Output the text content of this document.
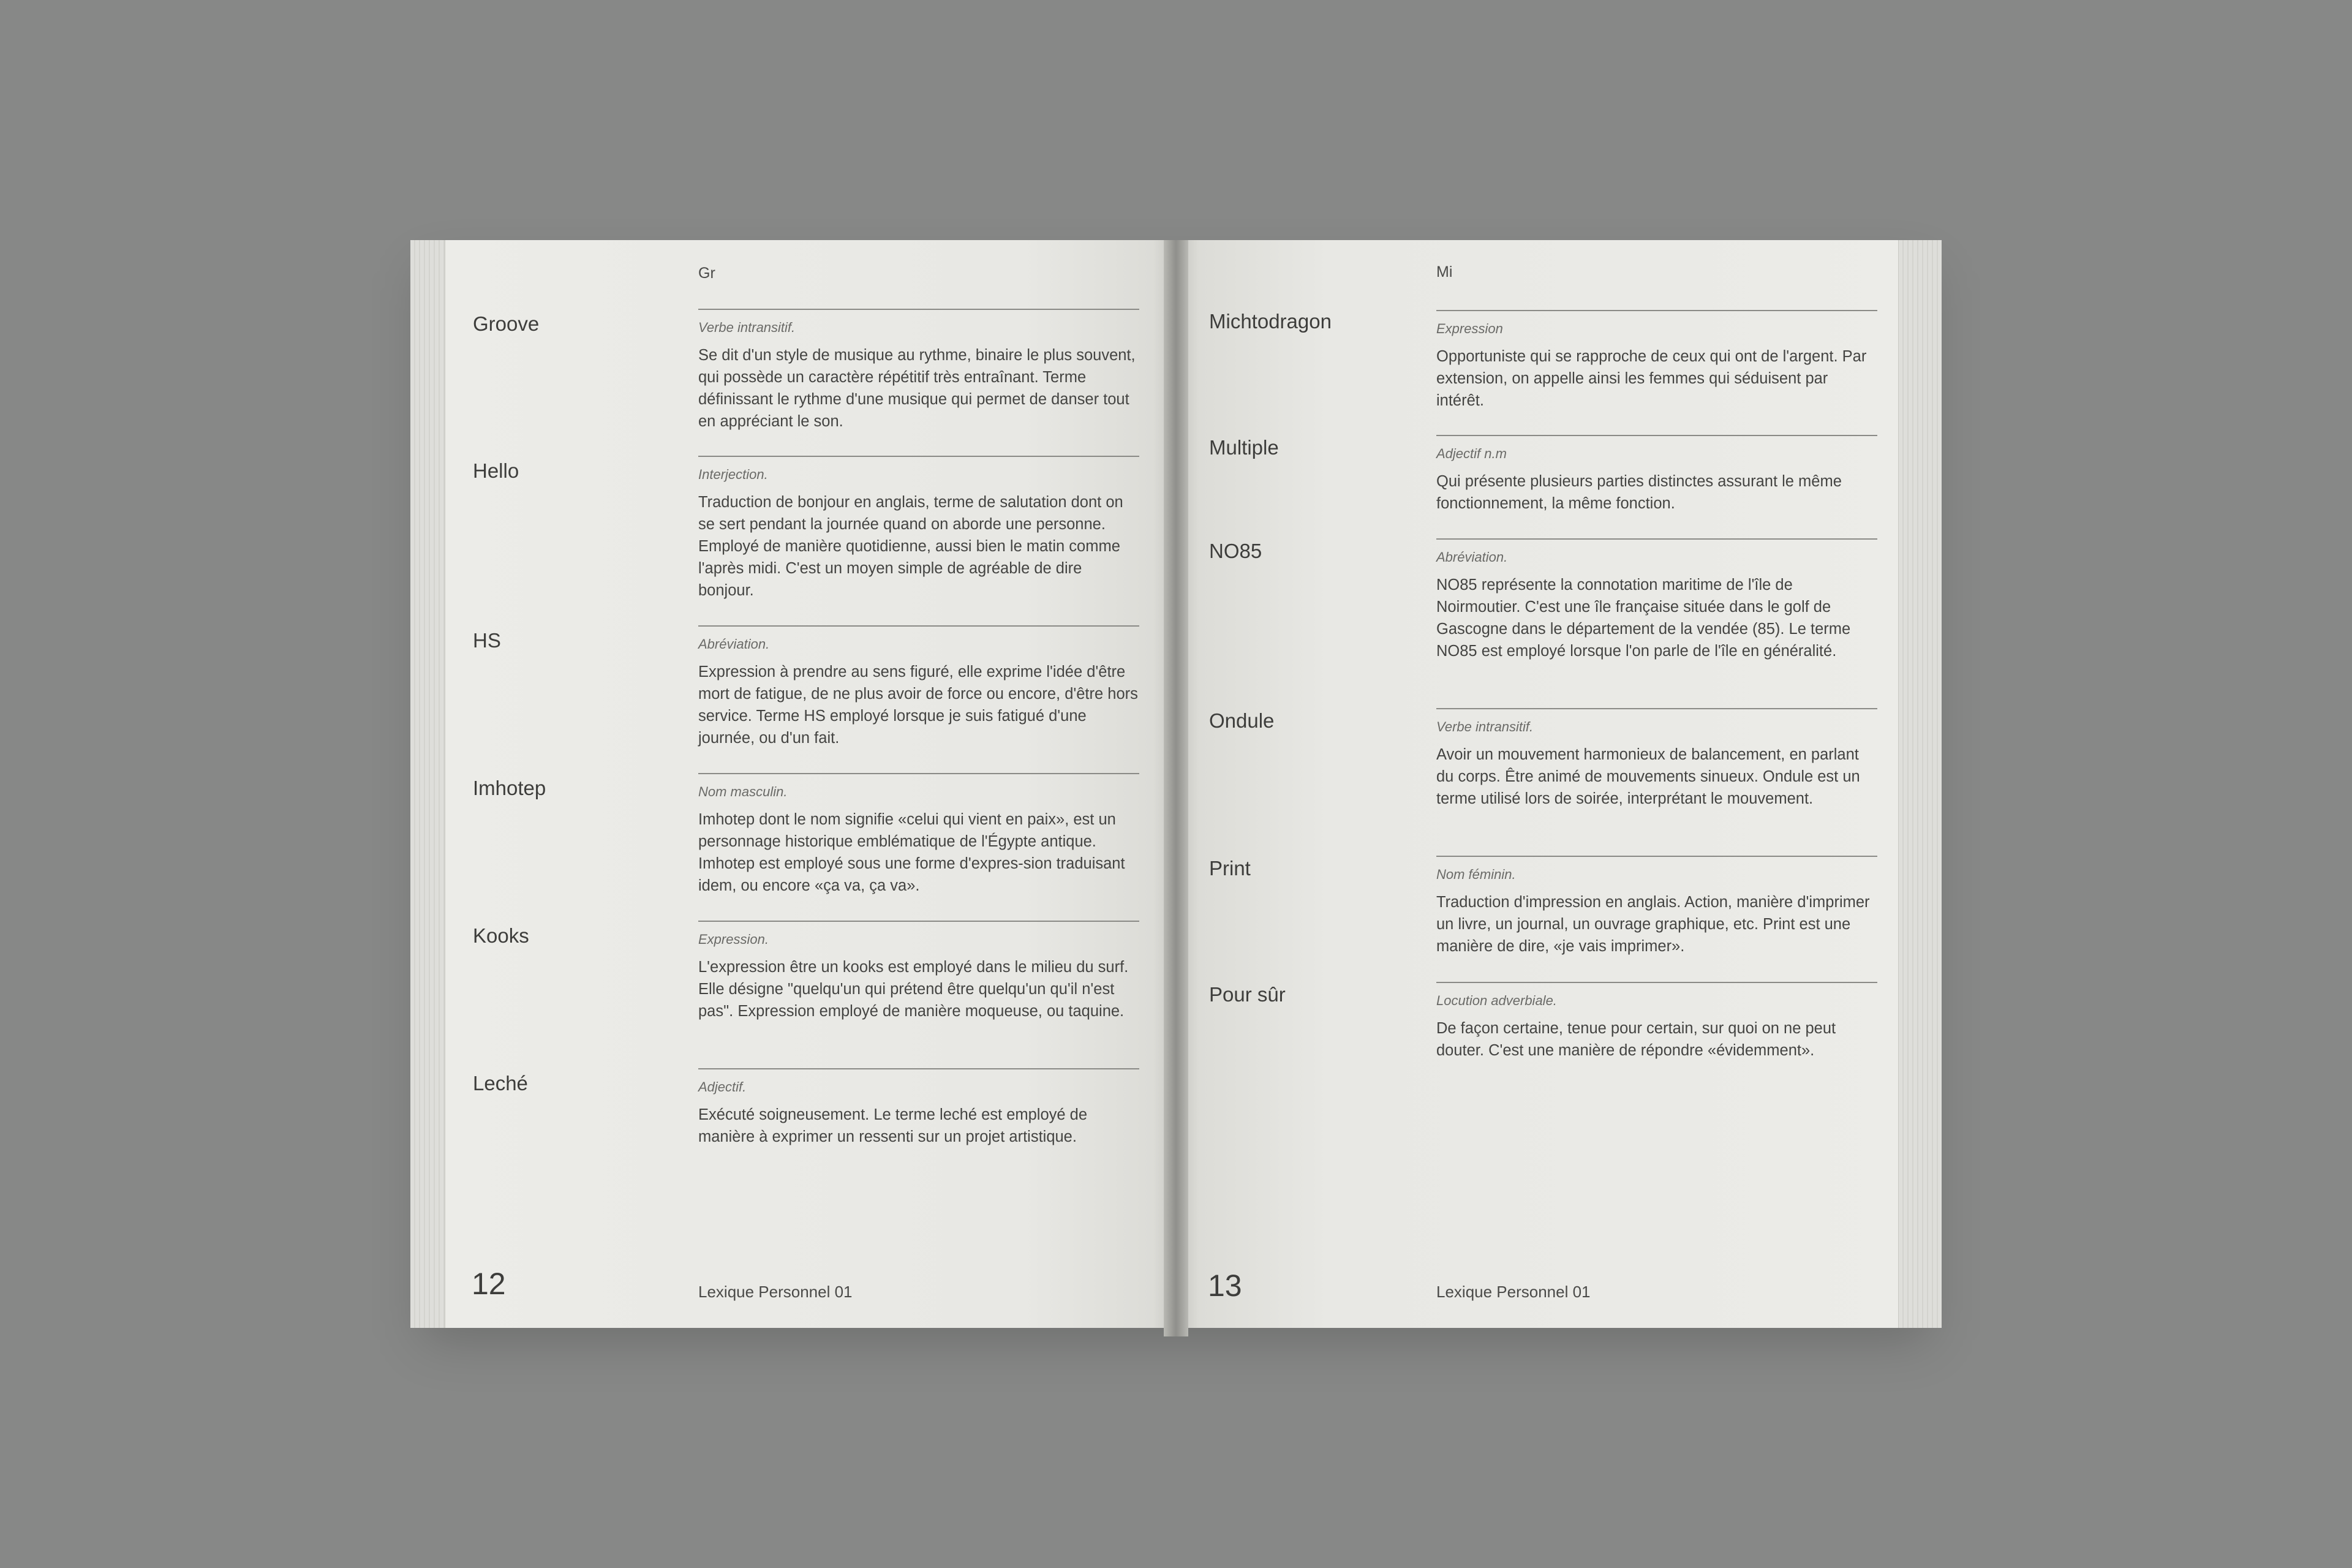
Gr
Groove	Verbe intransitif.
Se dit d'un style de musique au rythme, binaire le plus souvent, qui possède un caractère répétitif très entraînant. Terme définissant le rythme d'une musique qui permet de danser tout en appréciant le son.
Hello	Interjection.
Traduction de bonjour en anglais, terme de salutation dont on se sert pendant la journée quand on aborde une personne. Employé de manière quotidienne, aussi bien le matin comme l'après midi. C'est un moyen simple de agréable de dire bonjour.
HS	Abréviation.
Expression à prendre au sens figuré, elle exprime l'idée d'être mort de fatigue, de ne plus avoir de force ou encore, d'être hors service. Terme HS employé lorsque je suis fatigué d'une journée, ou d'un fait.
Imhotep	Nom masculin.
Imhotep dont le nom signifie «celui qui vient en paix», est un personnage historique emblématique de l'Égypte antique. Imhotep est employé sous une forme d'expres-sion traduisant idem, ou encore «ça va, ça va».
Kooks	Expression.
L'expression être un kooks est employé dans le milieu du surf. Elle désigne "quelqu'un qui prétend être quelqu'un qu'il n'est pas". Expression employé de manière moqueuse, ou taquine.
Leché	Adjectif.
Exécuté soigneusement. Le terme leché est employé de manière à exprimer un ressenti sur un projet artistique.
12	Lexique Personnel 01
Mi
Michtodragon	Expression
Opportuniste qui se rapproche de ceux qui ont de l'argent. Par extension, on appelle ainsi les femmes qui séduisent par intérêt.
Multiple	Adjectif n.m
Qui présente plusieurs parties distinctes assurant le même fonctionnement, la même fonction.
NO85	Abréviation.
NO85 représente la connotation maritime de l'île de Noirmoutier. C'est une île française située dans le golf de Gascogne dans le département de la vendée (85). Le terme NO85 est employé lorsque l'on parle de l'île en généralité.
Ondule	Verbe intransitif.
Avoir un mouvement harmonieux de balancement, en parlant du corps. Être animé de mouvements sinueux. Ondule est un terme utilisé lors de soirée, interprétant le mouvement.
Print	Nom féminin.
Traduction d'impression en anglais. Action, manière d'imprimer un livre, un journal, un ouvrage graphique, etc. Print est une manière de dire, «je vais imprimer».
Pour sûr	Locution adverbiale.
De façon certaine, tenue pour certain, sur quoi on ne peut douter. C'est une manière de répondre «évidemment».
13	Lexique Personnel 01
